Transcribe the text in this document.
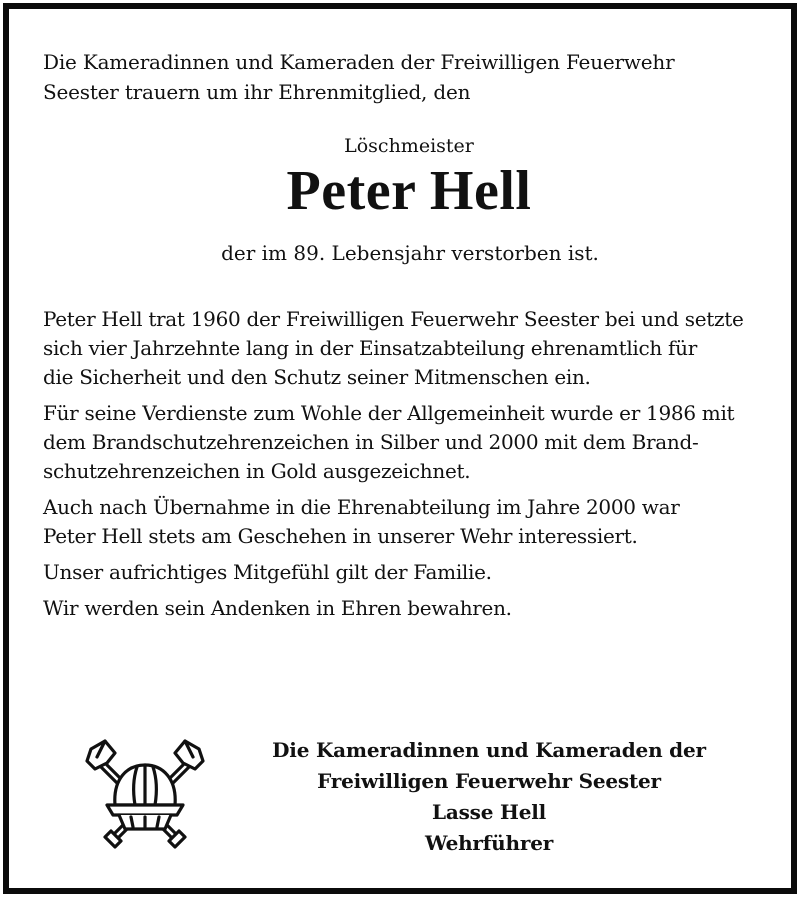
Die Kameradinnen und Kameraden der Freiwilligen Feuerwehr

Seester trauern um ihr Ehrenmitglied, den

Löschmeister

Peter Hell

der im 89. Lebensjahr verstorben ist.

Peter Hell trat 1960 der Freiwilligen Feuerwehr Seester bei und setzte

sich vier Jahrzehnte lang in der Einsatzabteilung ehrenamtlich für

die Sicherheit und den Schutz seiner Mitmenschen ein.

Für seine Verdienste zum Wohle der Allgemeinheit wurde er 1986 mit

dem Brandschutzehrenzeichen in Silber und 2000 mit dem Brand-

schutzehrenzeichen in Gold ausgezeichnet.

Auch nach Übernahme in die Ehrenabteilung im Jahre 2000 war

Peter Hell stets am Geschehen in unserer Wehr interessiert.

Unser aufrichtiges Mitgefühl gilt der Familie.

Wir werden sein Andenken in Ehren bewahren.

Die Kameradinnen und Kameraden der
Freiwilligen Feuerwehr Seester
Lasse Hell
Wehrführer
